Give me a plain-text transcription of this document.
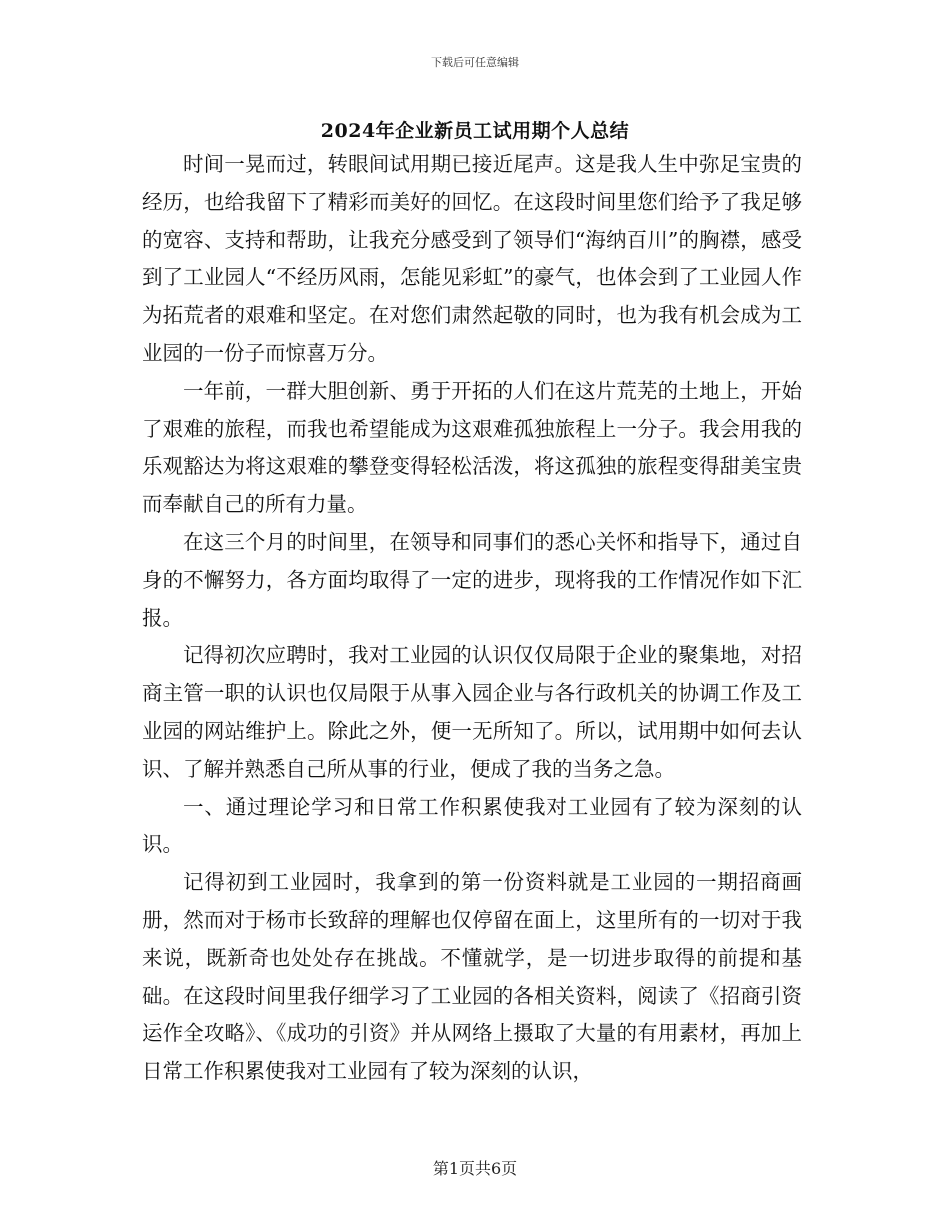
下载后可任意编辑
2024年企业新员工试用期个人总结

时间一晃而过，转眼间试用期已接近尾声。这是我人生中弥足宝贵的经历，也给我留下了精彩而美好的回忆。在这段时间里您们给予了我足够的宽容、支持和帮助，让我充分感受到了领导们“海纳百川”的胸襟，感受到了工业园人“不经历风雨，怎能见彩虹”的豪气，也体会到了工业园人作为拓荒者的艰难和坚定。在对您们肃然起敬的同时，也为我有机会成为工业园的一份子而惊喜万分。

一年前，一群大胆创新、勇于开拓的人们在这片荒芜的土地上，开始了艰难的旅程，而我也希望能成为这艰难孤独旅程上一分子。我会用我的乐观豁达为将这艰难的攀登变得轻松活泼，将这孤独的旅程变得甜美宝贵而奉献自己的所有力量。

在这三个月的时间里，在领导和同事们的悉心关怀和指导下，通过自身的不懈努力，各方面均取得了一定的进步，现将我的工作情况作如下汇报。

记得初次应聘时，我对工业园的认识仅仅局限于企业的聚集地，对招商主管一职的认识也仅局限于从事入园企业与各行政机关的协调工作及工业园的网站维护上。除此之外，便一无所知了。所以，试用期中如何去认识、了解并熟悉自己所从事的行业，便成了我的当务之急。

一、通过理论学习和日常工作积累使我对工业园有了较为深刻的认识。

记得初到工业园时，我拿到的第一份资料就是工业园的一期招商画册，然而对于杨市长致辞的理解也仅停留在面上，这里所有的一切对于我来说，既新奇也处处存在挑战。不懂就学，是一切进步取得的前提和基础。在这段时间里我仔细学习了工业园的各相关资料，阅读了《招商引资运作全攻略》、《成功的引资》并从网络上摄取了大量的有用素材，再加上日常工作积累使我对工业园有了较为深刻的认识，

第1页共6页
